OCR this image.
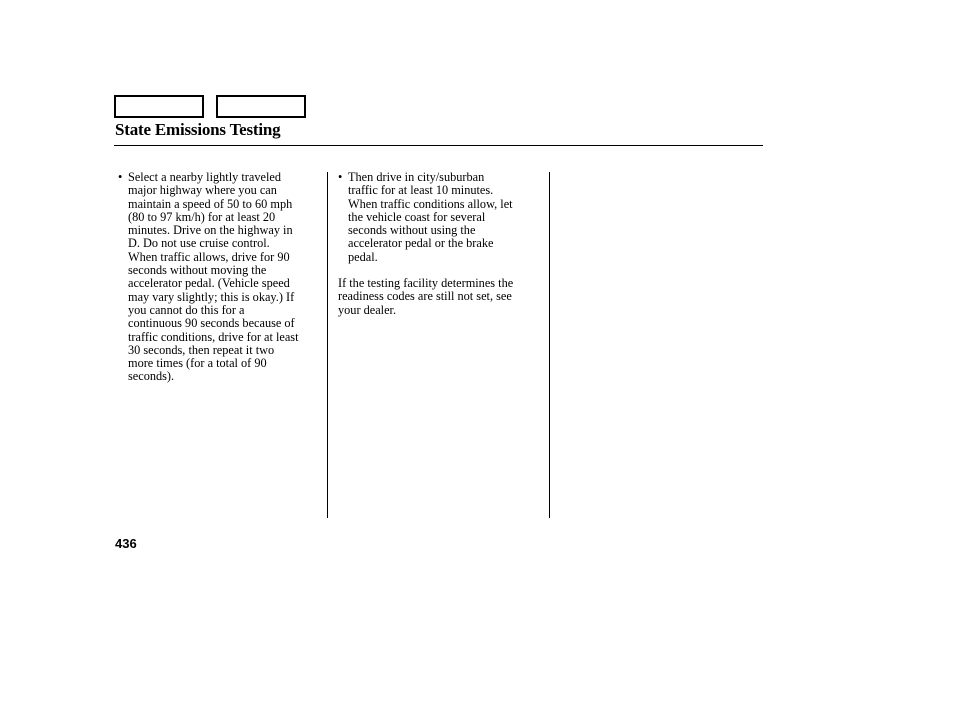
State Emissions Testing
• Select a nearby lightly traveled
major highway where you can
maintain a speed of 50 to 60 mph
(80 to 97 km/h) for at least 20
minutes. Drive on the highway in
D. Do not use cruise control.
When traffic allows, drive for 90
seconds without moving the
accelerator pedal. (Vehicle speed
may vary slightly; this is okay.) If
you cannot do this for a
continuous 90 seconds because of
traffic conditions, drive for at least
30 seconds, then repeat it two
more times (for a total of 90
seconds).
• Then drive in city/suburban
traffic for at least 10 minutes.
When traffic conditions allow, let
the vehicle coast for several
seconds without using the
accelerator pedal or the brake
pedal.
If the testing facility determines the
readiness codes are still not set, see
your dealer.
436
